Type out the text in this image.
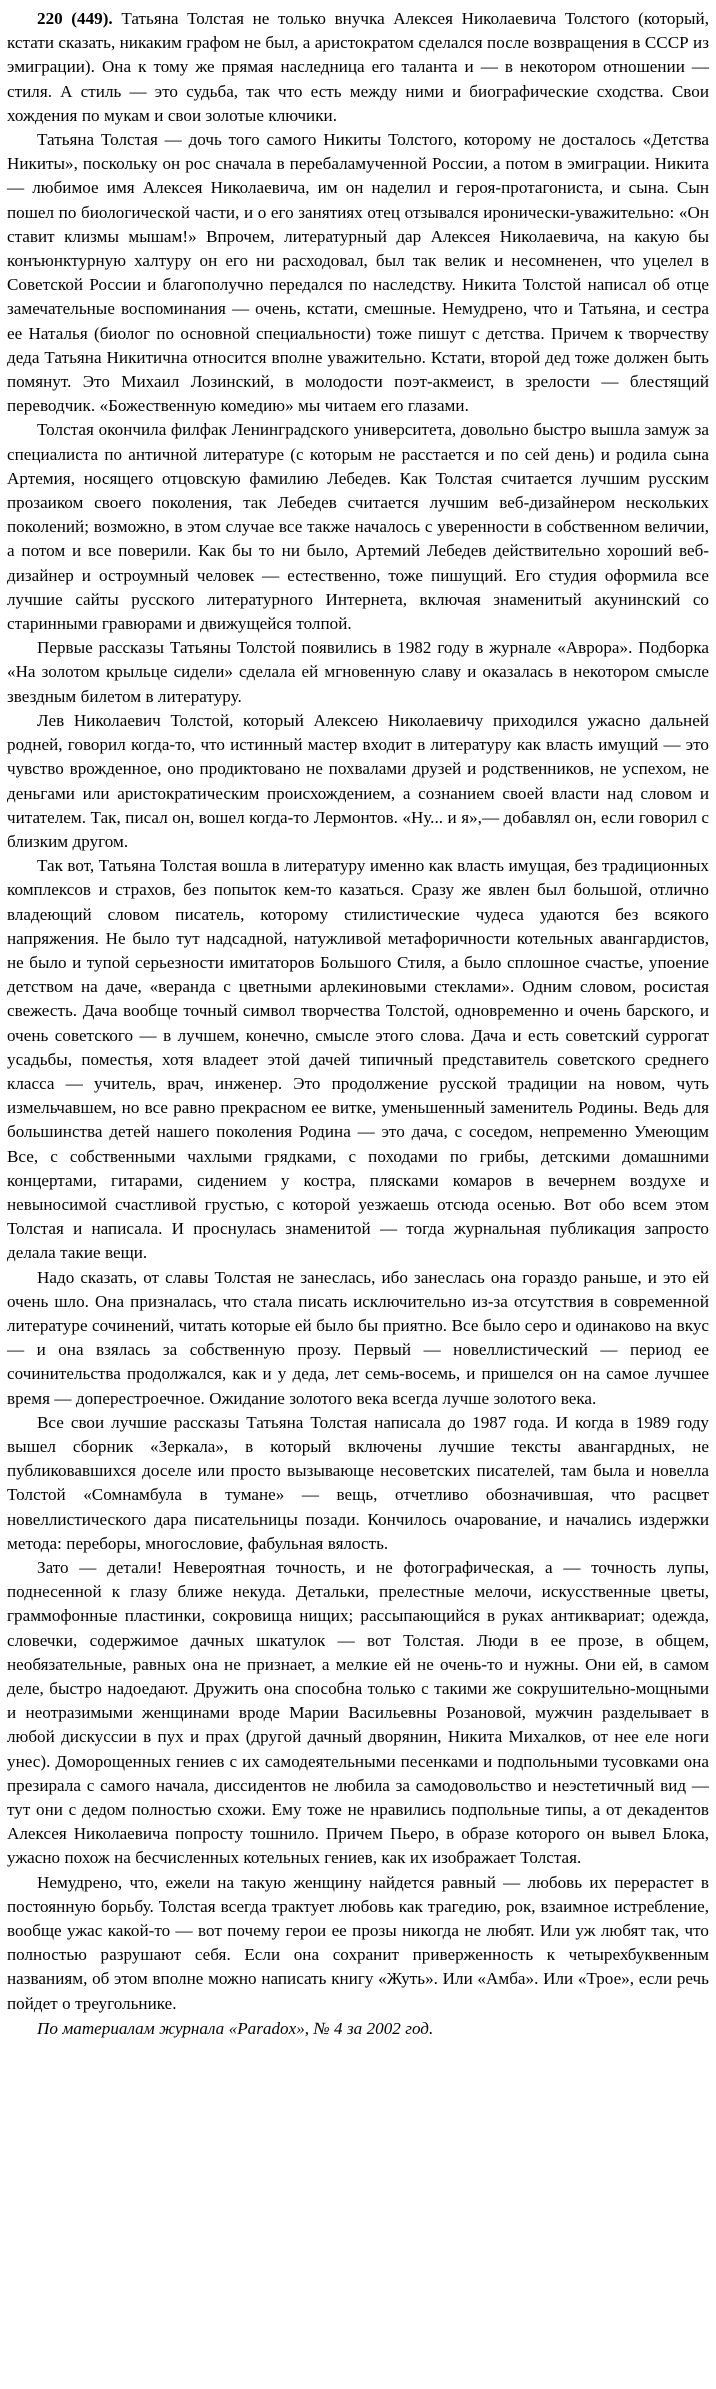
220 (449). Татьяна Толстая не только внучка Алексея Николаевича Толстого (который, кстати сказать, никаким графом не был, а аристократом сделался после возвращения в СССР из эмиграции). Она к тому же прямая наследница его таланта и — в некотором отношении — стиля. А стиль — это судьба, так что есть между ними и биографические сходства. Свои хождения по мукам и свои золотые ключики.

Татьяна Толстая — дочь того самого Никиты Толстого, которому не досталось «Детства Никиты», поскольку он рос сначала в перебаламученной России, а потом в эмиграции. Никита — любимое имя Алексея Николаевича, им он наделил и героя-протагониста, и сына. Сын пошел по биологической части, и о его занятиях отец отзывался иронически-уважительно: «Он ставит клизмы мышам!» Впрочем, литературный дар Алексея Николаевича, на какую бы конъюнктурную халтуру он его ни расходовал, был так велик и несомненен, что уцелел в Советской России и благополучно передался по наследству. Никита Толстой написал об отце замечательные воспоминания — очень, кстати, смешные. Немудрено, что и Татьяна, и сестра ее Наталья (биолог по основной специальности) тоже пишут с детства. Причем к творчеству деда Татьяна Никитична относится вполне уважительно. Кстати, второй дед тоже должен быть помянут. Это Михаил Лозинский, в молодости поэт-акмеист, в зрелости — блестящий переводчик. «Божественную комедию» мы читаем его глазами.

Толстая окончила филфак Ленинградского университета, довольно быстро вышла замуж за специалиста по античной литературе (с которым не расстается и по сей день) и родила сына Артемия, носящего отцовскую фамилию Лебедев. Как Толстая считается лучшим русским прозаиком своего поколения, так Лебедев считается лучшим веб-дизайнером нескольких поколений; возможно, в этом случае все также началось с уверенности в собственном величии, а потом и все поверили. Как бы то ни было, Артемий Лебедев действительно хороший веб-дизайнер и остроумный человек — естественно, тоже пишущий. Его студия оформила все лучшие сайты русского литературного Интернета, включая знаменитый акунинский со старинными гравюрами и движущейся толпой.

Первые рассказы Татьяны Толстой появились в 1982 году в журнале «Аврора». Подборка «На золотом крыльце сидели» сделала ей мгновенную славу и оказалась в некотором смысле звездным билетом в литературу.

Лев Николаевич Толстой, который Алексею Николаевичу приходился ужасно дальней родней, говорил когда-то, что истинный мастер входит в литературу как власть имущий — это чувство врожденное, оно продиктовано не похвалами друзей и родственников, не успехом, не деньгами или аристократическим происхождением, а сознанием своей власти над словом и читателем. Так, писал он, вошел когда-то Лермонтов. «Ну... и я»,— добавлял он, если говорил с близким другом.

Так вот, Татьяна Толстая вошла в литературу именно как власть имущая, без традиционных комплексов и страхов, без попыток кем-то казаться. Сразу же явлен был большой, отлично владеющий словом писатель, которому стилистические чудеса удаются без всякого напряжения. Не было тут надсадной, натужливой метафоричности котельных авангардистов, не было и тупой серьезности имитаторов Большого Стиля, а было сплошное счастье, упоение детством на даче, «веранда с цветными арлекиновыми стеклами». Одним словом, росистая свежесть. Дача вообще точный символ творчества Толстой, одновременно и очень барского, и очень советского — в лучшем, конечно, смысле этого слова. Дача и есть советский суррогат усадьбы, поместья, хотя владеет этой дачей типичный представитель советского среднего класса — учитель, врач, инженер. Это продолжение русской традиции на новом, чуть измельчавшем, но все равно прекрасном ее витке, уменьшенный заменитель Родины. Ведь для большинства детей нашего поколения Родина — это дача, с соседом, непременно Умеющим Все, с собственными чахлыми грядками, с походами по грибы, детскими домашними концертами, гитарами, сидением у костра, плясками комаров в вечернем воздухе и невыносимой счастливой грустью, с которой уезжаешь отсюда осенью. Вот обо всем этом Толстая и написала. И проснулась знаменитой — тогда журнальная публикация запросто делала такие вещи.

Надо сказать, от славы Толстая не занеслась, ибо занеслась она гораздо раньше, и это ей очень шло. Она призналась, что стала писать исключительно из-за отсутствия в современной литературе сочинений, читать которые ей было бы приятно. Все было серо и одинаково на вкус — и она взялась за собственную прозу. Первый — новеллистический — период ее сочинительства продолжался, как и у деда, лет семь-восемь, и пришелся он на самое лучшее время — доперестроечное. Ожидание золотого века всегда лучше золотого века.

Все свои лучшие рассказы Татьяна Толстая написала до 1987 года. И когда в 1989 году вышел сборник «Зеркала», в который включены лучшие тексты авангардных, не публиковавшихся доселе или просто вызывающе несоветских писателей, там была и новелла Толстой «Сомнамбула в тумане» — вещь, отчетливо обозначившая, что расцвет новеллистического дара писательницы позади. Кончилось очарование, и начались издержки метода: переборы, многословие, фабульная вялость.

Зато — детали! Невероятная точность, и не фотографическая, а — точность лупы, поднесенной к глазу ближе некуда. Детальки, прелестные мелочи, искусственные цветы, граммофонные пластинки, сокровища нищих; рассыпающийся в руках антиквариат; одежда, словечки, содержимое дачных шкатулок — вот Толстая. Люди в ее прозе, в общем, необязательные, равных она не признает, а мелкие ей не очень-то и нужны. Они ей, в самом деле, быстро надоедают. Дружить она способна только с такими же сокрушительно-мощными и неотразимыми женщинами вроде Марии Васильевны Розановой, мужчин разделывает в любой дискуссии в пух и прах (другой дачный дворянин, Никита Михалков, от нее еле ноги унес). Доморощенных гениев с их самодеятельными песенками и подпольными тусовками она презирала с самого начала, диссидентов не любила за самодовольство и неэстетичный вид — тут они с дедом полностью схожи. Ему тоже не нравились подпольные типы, а от декадентов Алексея Николаевича попросту тошнило. Причем Пьеро, в образе которого он вывел Блока, ужасно похож на бесчисленных котельных гениев, как их изображает Толстая.

Немудрено, что, ежели на такую женщину найдется равный — любовь их перерастет в постоянную борьбу. Толстая всегда трактует любовь как трагедию, рок, взаимное истребление, вообще ужас какой-то — вот почему герои ее прозы никогда не любят. Или уж любят так, что полностью разрушают себя. Если она сохранит приверженность к четырехбуквенным названиям, об этом вполне можно написать книгу «Жуть». Или «Амба». Или «Трое», если речь пойдет о треугольнике.

По материалам журнала «Paradox», № 4 за 2002 год.
